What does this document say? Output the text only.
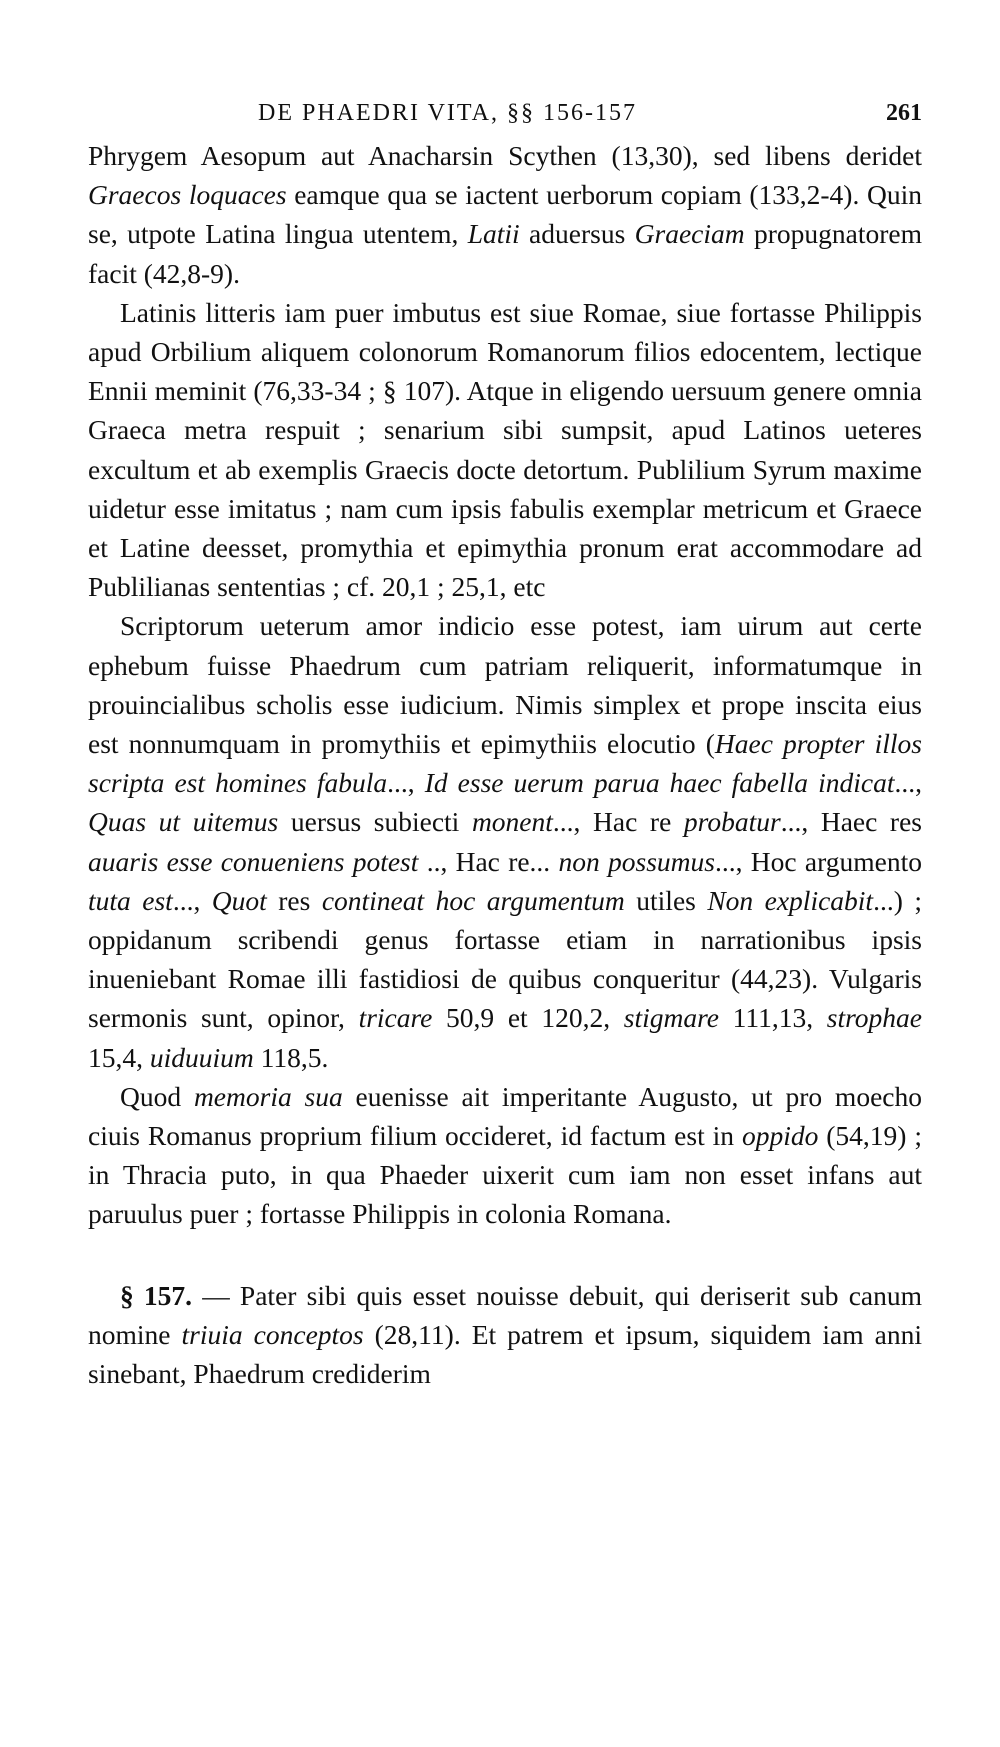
DE PHAEDRI VITA, §§ 156-157	261

Phrygem Aesopum aut Anacharsin Scythen (13,30), sed libens deridet Graecos loquaces eamque qua se iactent uerborum copiam (133,2-4). Quin se, utpote Latina lingua utentem, Latii aduersus Graeciam propugnatorem facit (42,8-9).

Latinis litteris iam puer imbutus est siue Romae, siue fortasse Philippis apud Orbilium aliquem colonorum Romanorum filios edocentem, lectique Ennii meminit (76,33-34 ; § 107). Atque in eligendo uersuum genere omnia Graeca metra respuit ; senarium sibi sumpsit, apud Latinos ueteres excultum et ab exemplis Graecis docte detortum. Publilium Syrum maxime uidetur esse imitatus ; nam cum ipsis fabulis exemplar metricum et Graece et Latine deesset, promythia et epimythia pronum erat accommodare ad Publilianas sententias ; cf. 20,1 ; 25,1, etc

Scriptorum ueterum amor indicio esse potest, iam uirum aut certe ephebum fuisse Phaedrum cum patriam reliquerit, informatumque in prouincialibus scholis esse iudicium. Nimis simplex et prope inscita eius est nonnumquam in promythiis et epimythiis elocutio (Haec propter illos scripta est homines fabula..., Id esse uerum parua haec fabella indicat..., Quas ut uitemus uersus subiecti monent..., Hac re probatur..., Haec res auaris esse conueniens potest .., Hac re... non possumus..., Hoc argumento tuta est..., Quot res contineat hoc argumentum utiles Non explicabit...) ; oppidanum scribendi genus fortasse etiam in narrationibus ipsis inueniebant Romae illi fastidiosi de quibus conqueritur (44,23). Vulgaris sermonis sunt, opinor, tricare 50,9 et 120,2, stigmare 111,13, strophae 15,4, uiduuium 118,5.

Quod memoria sua euenisse ait imperitante Augusto, ut pro moecho ciuis Romanus proprium filium occideret, id factum est in oppido (54,19) ; in Thracia puto, in qua Phaeder uixerit cum iam non esset infans aut paruulus puer ; fortasse Philippis in colonia Romana.

§ 157. — Pater sibi quis esset nouisse debuit, qui deriserit sub canum nomine triuia conceptos (28,11). Et patrem et ipsum, siquidem iam anni sinebant, Phaedrum crediderim
